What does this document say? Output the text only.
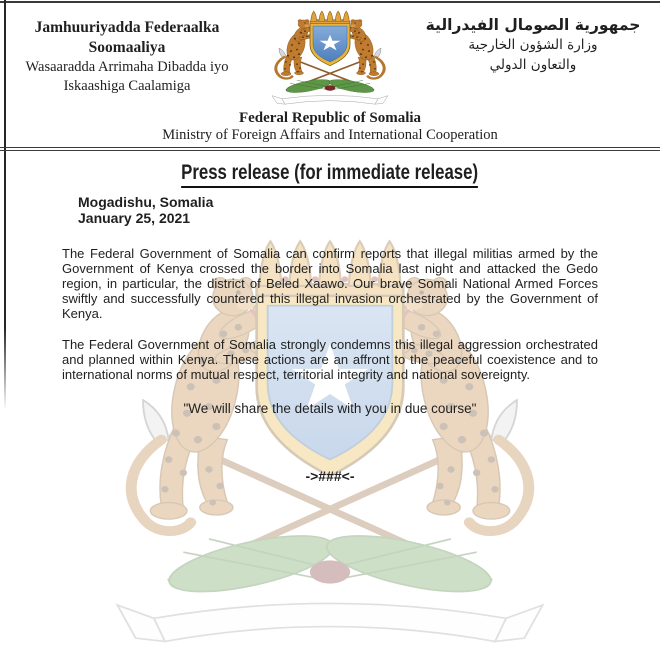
Jamhuuriyadda Federaalka Soomaaliya
Wasaaradda Arrimaha Dibadda iyo
Iskaashiga Caalamiga
جمهورية الصومال الفيدرالية
وزارة الشؤون الخارجية
والتعاون الدولي
Federal Republic of Somalia
Ministry of Foreign Affairs and International Cooperation
Press release (for immediate release)
Mogadishu, Somalia
January 25, 2021

The Federal Government of Somalia can confirm reports that illegal militias armed by the Government of Kenya crossed the border into Somalia last night and attacked the Gedo region, in particular, the district of Beled Xaawo. Our brave Somali National Armed Forces swiftly and successfully countered this illegal invasion orchestrated by the Government of Kenya.

The Federal Government of Somalia strongly condemns this illegal aggression orchestrated and planned within Kenya. These actions are an affront to the peaceful coexistence and to international norms of mutual respect, territorial integrity and national sovereignty.

"We will share the details with you in due course"
->###<-
